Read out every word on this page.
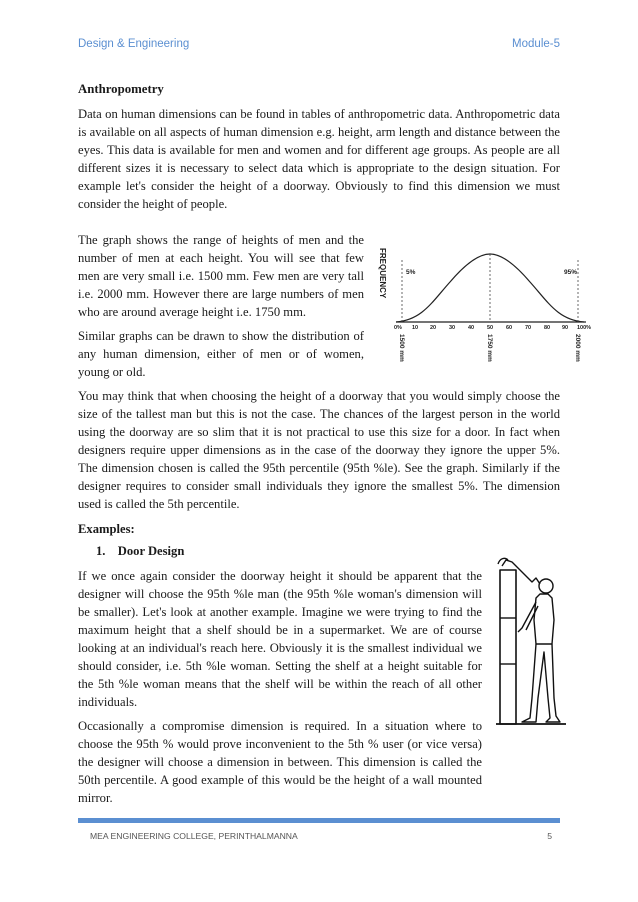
Design & Engineering	Module-5
Anthropometry

Data on human dimensions can be found in tables of anthropometric data. Anthropometric data is available on all aspects of human dimension e.g. height, arm length and distance between the eyes. This data is available for men and women and for different age groups. As people are all different sizes it is necessary to select data which is appropriate to the design situation. For example let's consider the height of a doorway. Obviously to find this dimension we must consider the height of people.

The graph shows the range of heights of men and the number of men at each height. You will see that few men are very small i.e. 1500 mm. Few men are very tall i.e. 2000 mm. However there are large numbers of men who are around average height i.e. 1750 mm.

Similar graphs can be drawn to show the distribution of any human dimension, either of men or of women, young or old.

You may think that when choosing the height of a doorway that you would simply choose the size of the tallest man but this is not the case. The chances of the largest person in the world using the doorway are so slim that it is not practical to use this size for a door. In fact when designers require upper dimensions as in the case of the doorway they ignore the upper 5%. The dimension chosen is called the 95th percentile (95th %le). See the graph. Similarly if the designer requires to consider small individuals they ignore the smallest 5%. The dimension used is called the 5th percentile.

Examples:
1. Door Design

If we once again consider the doorway height it should be apparent that the designer will choose the 95th %le man (the 95th %le woman's dimension will be smaller). Let's look at another example. Imagine we were trying to find the maximum height that a shelf should be in a supermarket. We are of course looking at an individual's reach here. Obviously it is the smallest individual we should consider, i.e. 5th %le woman. Setting the shelf at a height suitable for the 5th %le woman means that the shelf will be within the reach of all other individuals.

Occasionally a compromise dimension is required. In a situation where to choose the 95th % would prove inconvenient to the 5th % user (or vice versa) the designer will choose a dimension in between. This dimension is called the 50th percentile. A good example of this would be the height of a wall mounted mirror.

FREQUENCY	5%	95%
0% 10 20 30 40 50 60 70 80 90 100%
1500 mm	1750 mm	2000 mm
MEA ENGINEERING COLLEGE, PERINTHALMANNA	5
